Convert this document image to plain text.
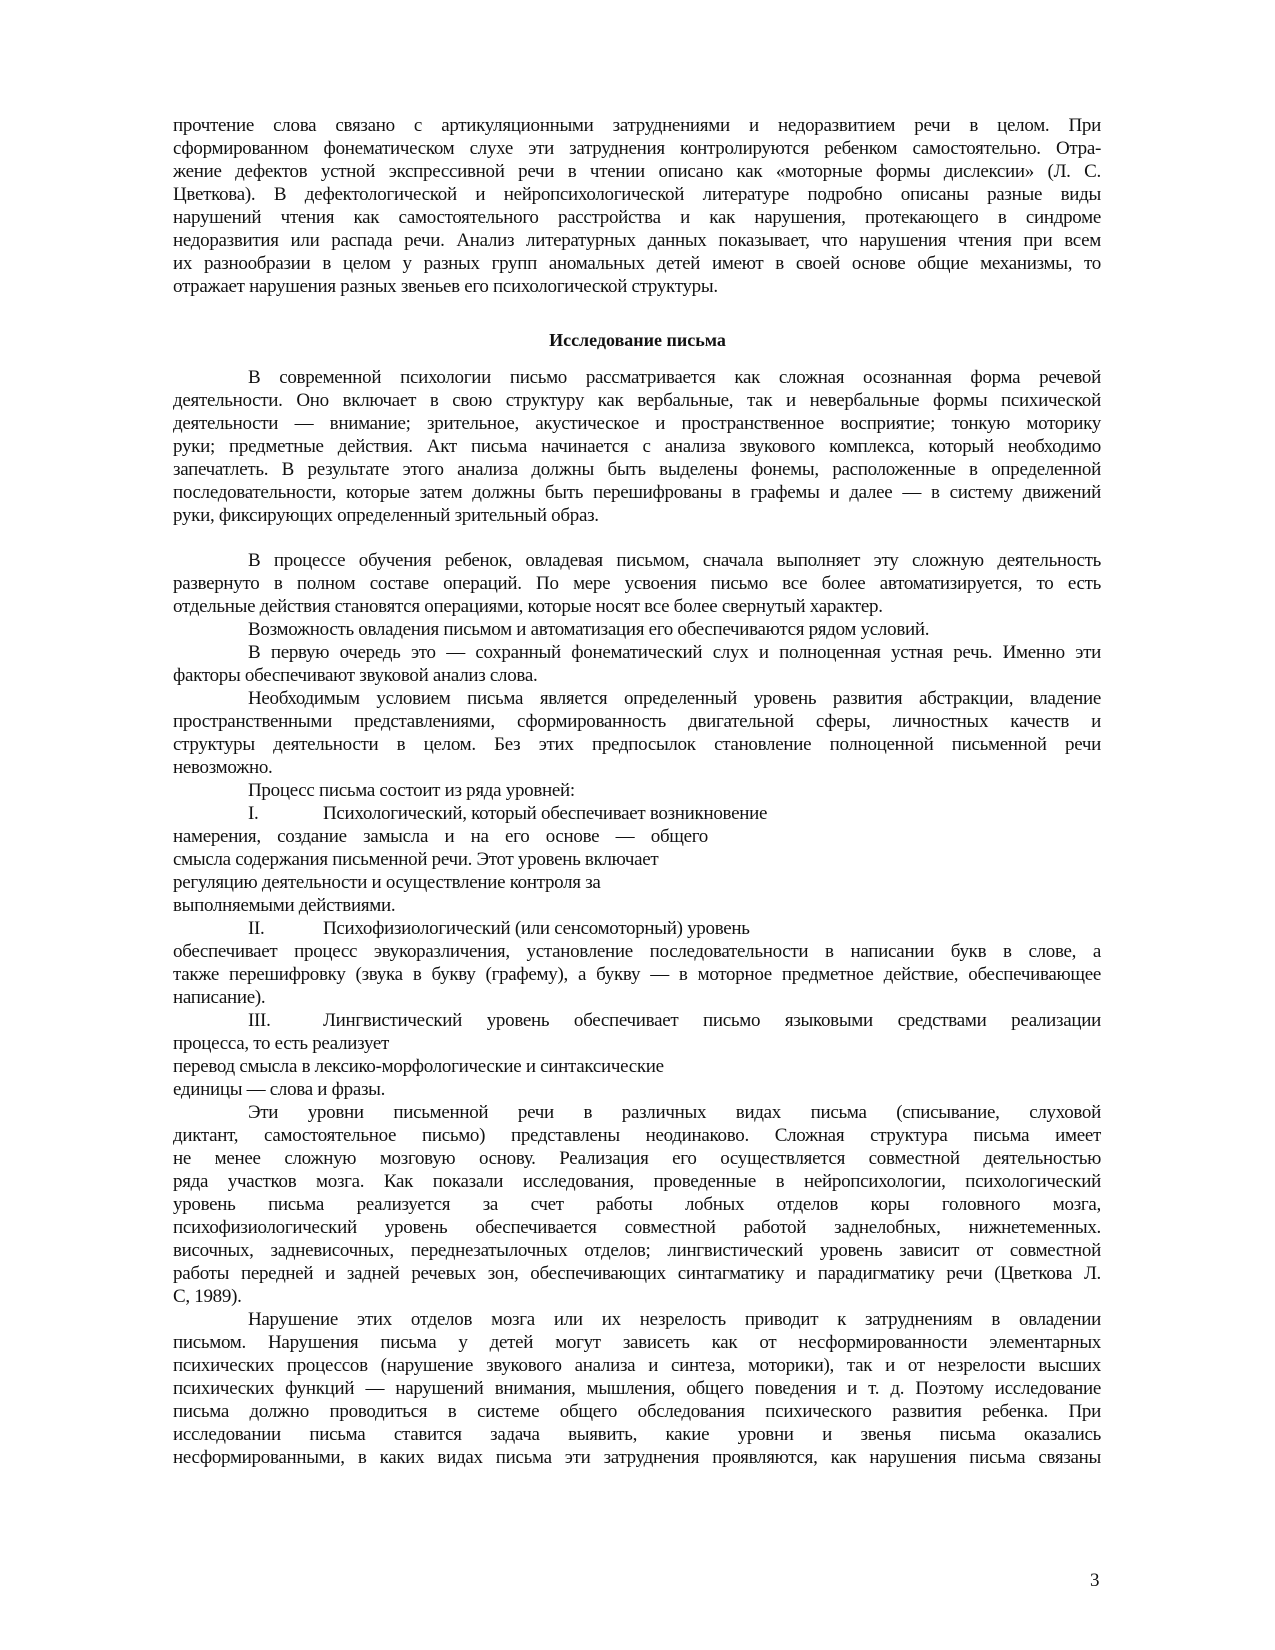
прочтение слова связано с артикуляционными затруднениями и недоразвитием речи в целом. При
сформированном фонематическом слухе эти затруднения контролируются ребенком самостоятельно. Отра-
жение дефектов устной экспрессивной речи в чтении описано как «моторные формы дислексии» (Л. С.
Цветкова). В дефектологической и нейропсихологической литературе подробно описаны разные виды
нарушений чтения как самостоятельного расстройства и как нарушения, протекающего в синдроме
недоразвития или распада речи. Анализ литературных данных показывает, что нарушения чтения при всем
их разнообразии в целом у разных групп аномальных детей имеют в своей основе общие механизмы, то
отражает нарушения разных звеньев его психологической структуры.
Исследование письма
В современной психологии письмо рассматривается как сложная осознанная форма речевой
деятельности. Оно включает в свою структуру как вербальные, так и невербальные формы психической
деятельности — внимание; зрительное, акустическое и пространственное восприятие; тонкую моторику
руки; предметные действия. Акт письма начинается с анализа звукового комплекса, который необходимо
запечатлеть. В результате этого анализа должны быть выделены фонемы, расположенные в определенной
последовательности, которые затем должны быть перешифрованы в графемы и далее — в систему движений
руки, фиксирующих определенный зрительный образ.
В процессе обучения ребенок, овладевая письмом, сначала выполняет эту сложную деятельность
развернуто в полном составе операций. По мере усвоения письмо все более автоматизируется, то есть
отдельные действия становятся операциями, которые носят все более свернутый характер.
Возможность овладения письмом и автоматизация его обеспечиваются рядом условий.
В первую очередь это — сохранный фонематический слух и полноценная устная речь. Именно эти
факторы обеспечивают звуковой анализ слова.
Необходимым условием письма является определенный уровень развития абстракции, владение
пространственными представлениями, сформированность двигательной сферы, личностных качеств и
структуры деятельности в целом. Без этих предпосылок становление полноценной письменной речи
невозможно.
Процесс письма состоит из ряда уровней:
I.	Психологический, который обеспечивает возникновение
намерения, создание замысла и на его основе — общего
смысла содержания письменной речи. Этот уровень включает
регуляцию деятельности и осуществление контроля за
выполняемыми действиями.
II.	Психофизиологический (или сенсомоторный) уровень
обеспечивает процесс эвукоразличения, установление последовательности в написании букв в слове, а
также перешифровку (звука в букву (графему), а букву — в моторное предметное действие, обеспечивающее
написание).
III.	Лингвистический уровень обеспечивает письмо языковыми средствами реализации
процесса, то есть реализует
перевод смысла в лексико-морфологические и синтаксические
единицы — слова и фразы.
Эти уровни письменной речи в различных видах письма (списывание, слуховой
диктант, самостоятельное письмо) представлены неодинаково. Сложная структура письма имеет
не менее сложную мозговую основу. Реализация его осуществляется совместной деятельностью
ряда участков мозга. Как показали исследования, проведенные в нейропсихологии, психологический
уровень письма реализуется за счет работы лобных отделов коры головного мозга,
психофизиологический уровень обеспечивается совместной работой заднелобных, нижнетеменных.
височных, задневисочных, переднезатылочных отделов; лингвистический уровень зависит от совместной
работы передней и задней речевых зон, обеспечивающих синтагматику и парадигматику речи (Цветкова Л.
С, 1989).
Нарушение этих отделов мозга или их незрелость приводит к затруднениям в овладении
письмом. Нарушения письма у детей могут зависеть как от несформированности элементарных
психических процессов (нарушение звукового анализа и синтеза, моторики), так и от незрелости высших
психических функций — нарушений внимания, мышления, общего поведения и т. д. Поэтому исследование
письма должно проводиться в системе общего обследования психического развития ребенка. При
исследовании письма ставится задача выявить, какие уровни и звенья письма оказались
несформированными, в каких видах письма эти затруднения проявляются, как нарушения письма связаны
3
